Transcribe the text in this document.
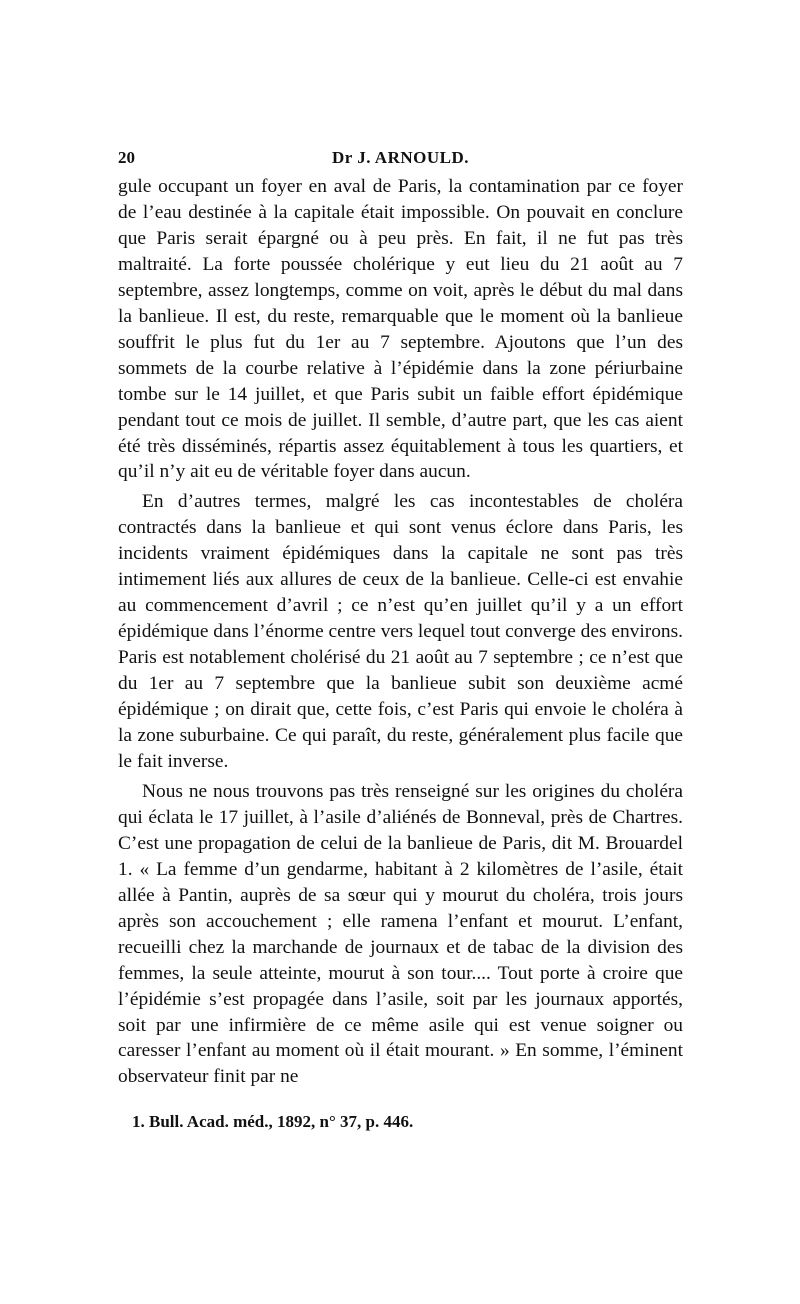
20	Dr J. ARNOULD.

gule occupant un foyer en aval de Paris, la contamination par ce foyer de l’eau destinée à la capitale était impossible. On pouvait en conclure que Paris serait épargné ou à peu près. En fait, il ne fut pas très maltraité. La forte poussée cholérique y eut lieu du 21 août au 7 septembre, assez longtemps, comme on voit, après le début du mal dans la banlieue. Il est, du reste, remarquable que le moment où la banlieue souffrit le plus fut du 1er au 7 septembre. Ajoutons que l’un des sommets de la courbe relative à l’épidémie dans la zone périurbaine tombe sur le 14 juillet, et que Paris subit un faible effort épidémique pendant tout ce mois de juillet. Il semble, d’autre part, que les cas aient été très disséminés, répartis assez équitablement à tous les quartiers, et qu’il n’y ait eu de véritable foyer dans aucun.

En d’autres termes, malgré les cas incontestables de choléra contractés dans la banlieue et qui sont venus éclore dans Paris, les incidents vraiment épidémiques dans la capitale ne sont pas très intimement liés aux allures de ceux de la banlieue. Celle-ci est envahie au commencement d’avril ; ce n’est qu’en juillet qu’il y a un effort épidémique dans l’énorme centre vers lequel tout converge des environs. Paris est notablement cholérisé du 21 août au 7 septembre ; ce n’est que du 1er au 7 septembre que la banlieue subit son deuxième acmé épidémique ; on dirait que, cette fois, c’est Paris qui envoie le choléra à la zone suburbaine. Ce qui paraît, du reste, généralement plus facile que le fait inverse.

Nous ne nous trouvons pas très renseigné sur les origines du choléra qui éclata le 17 juillet, à l’asile d’aliénés de Bonneval, près de Chartres. C’est une propagation de celui de la banlieue de Paris, dit M. Brouardel 1. « La femme d’un gendarme, habitant à 2 kilomètres de l’asile, était allée à Pantin, auprès de sa sœur qui y mourut du choléra, trois jours après son accouchement ; elle ramena l’enfant et mourut. L’enfant, recueilli chez la marchande de journaux et de tabac de la division des femmes, la seule atteinte, mourut à son tour.... Tout porte à croire que l’épidémie s’est propagée dans l’asile, soit par les journaux apportés, soit par une infirmière de ce même asile qui est venue soigner ou caresser l’enfant au moment où il était mourant. » En somme, l’éminent observateur finit par ne

1. Bull. Acad. méd., 1892, n° 37, p. 446.
